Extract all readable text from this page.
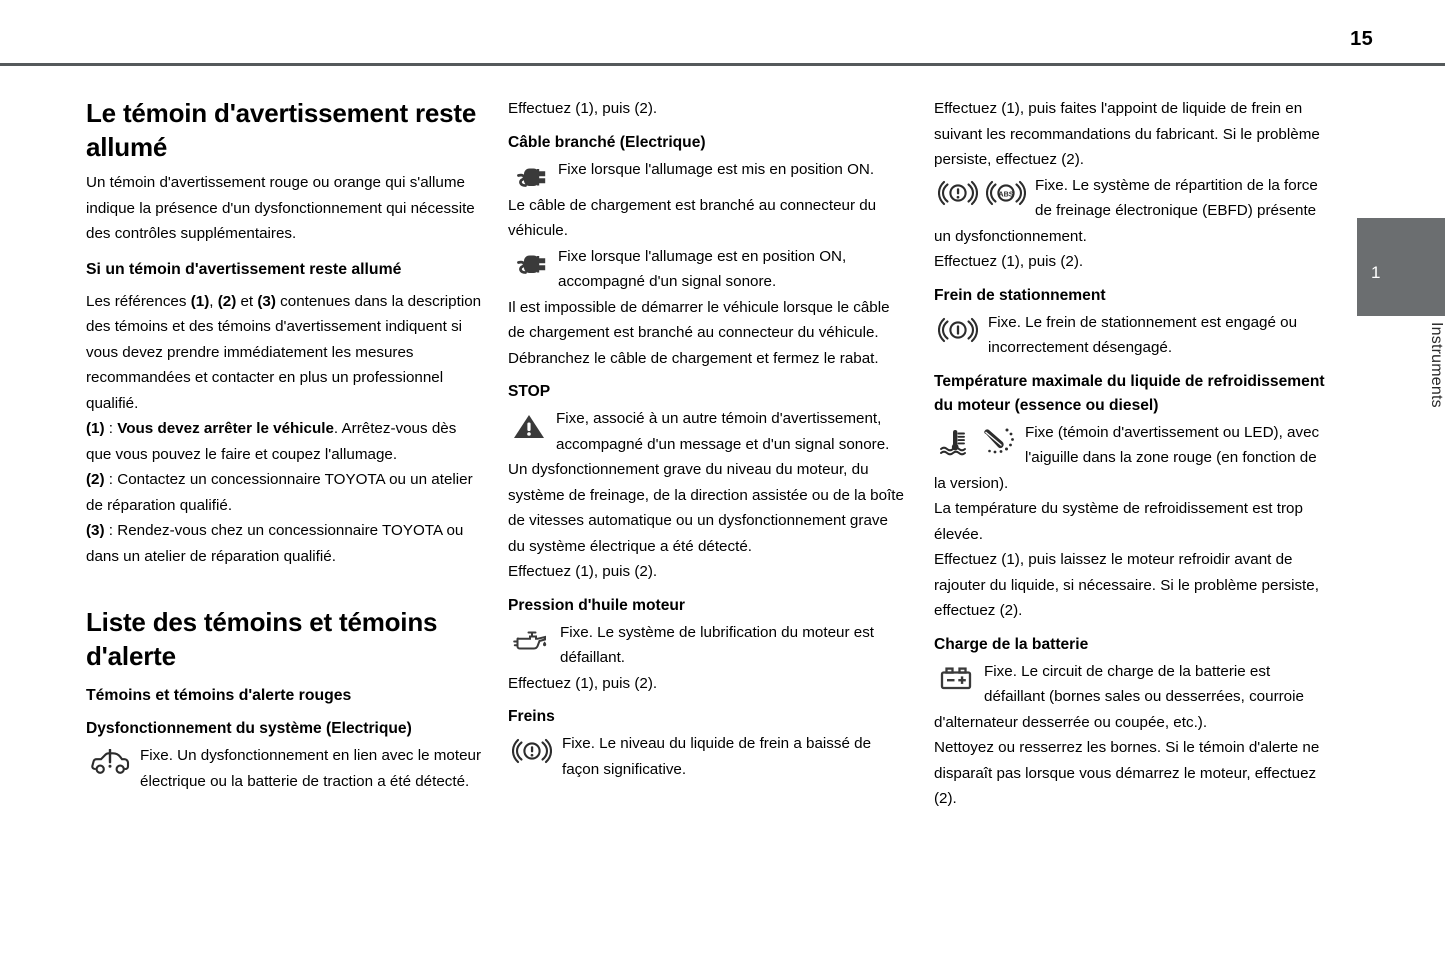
15
1
Instruments
Le témoin d'avertissement reste allumé

Un témoin d'avertissement rouge ou orange qui s'allume indique la présence d'un dysfonctionnement qui nécessite des contrôles supplémentaires.

Si un témoin d'avertissement reste allumé

Les références (1), (2) et (3) contenues dans la description des témoins et des témoins d'avertissement indiquent si vous devez prendre immédiatement les mesures recommandées et contacter en plus un professionnel qualifié.

(1) : Vous devez arrêter le véhicule. Arrêtez-vous dès que vous pouvez le faire et coupez l'allumage.

(2) : Contactez un concessionnaire TOYOTA ou un atelier de réparation qualifié.

(3) : Rendez-vous chez un concessionnaire TOYOTA ou dans un atelier de réparation qualifié.

Liste des témoins et témoins d'alerte
Témoins et témoins d'alerte rouges
Dysfonctionnement du système (Electrique)

Fixe. Un dysfonctionnement en lien avec le moteur électrique ou la batterie de traction a été détecté.

Effectuez (1), puis (2).

Câble branché (Electrique)

Fixe lorsque l'allumage est mis en position ON.

Le câble de chargement est branché au connecteur du véhicule.

Fixe lorsque l'allumage est en position ON, accompagné d'un signal sonore.

Il est impossible de démarrer le véhicule lorsque le câble de chargement est branché au connecteur du véhicule. Débranchez le câble de chargement et fermez le rabat.

STOP

Fixe, associé à un autre témoin d'avertissement, accompagné d'un message et d'un signal sonore.

Un dysfonctionnement grave du niveau du moteur, du système de freinage, de la direction assistée ou de la boîte de vitesses automatique ou un dysfonctionnement grave du système électrique a été détecté.

Effectuez (1), puis (2).

Pression d'huile moteur

Fixe. Le système de lubrification du moteur est défaillant.

Effectuez (1), puis (2).

Freins

Fixe. Le niveau du liquide de frein a baissé de façon significative.

Effectuez (1), puis faites l'appoint de liquide de frein en suivant les recommandations du fabricant. Si le problème persiste, effectuez (2).

ABS	Fixe. Le système de répartition de la force de freinage électronique (EBFD) présente un dysfonctionnement.

Effectuez (1), puis (2).

Frein de stationnement

Fixe. Le frein de stationnement est engagé ou incorrectement désengagé.

Température maximale du liquide de refroidissement du moteur (essence ou diesel)

Fixe (témoin d'avertissement ou LED), avec l'aiguille dans la zone rouge (en fonction de la version).

La température du système de refroidissement est trop élevée.

Effectuez (1), puis laissez le moteur refroidir avant de rajouter du liquide, si nécessaire. Si le problème persiste, effectuez (2).

Charge de la batterie

Fixe. Le circuit de charge de la batterie est défaillant (bornes sales ou desserrées, courroie d'alternateur desserrée ou coupée, etc.).

Nettoyez ou resserrez les bornes. Si le témoin d'alerte ne disparaît pas lorsque vous démarrez le moteur, effectuez (2).
